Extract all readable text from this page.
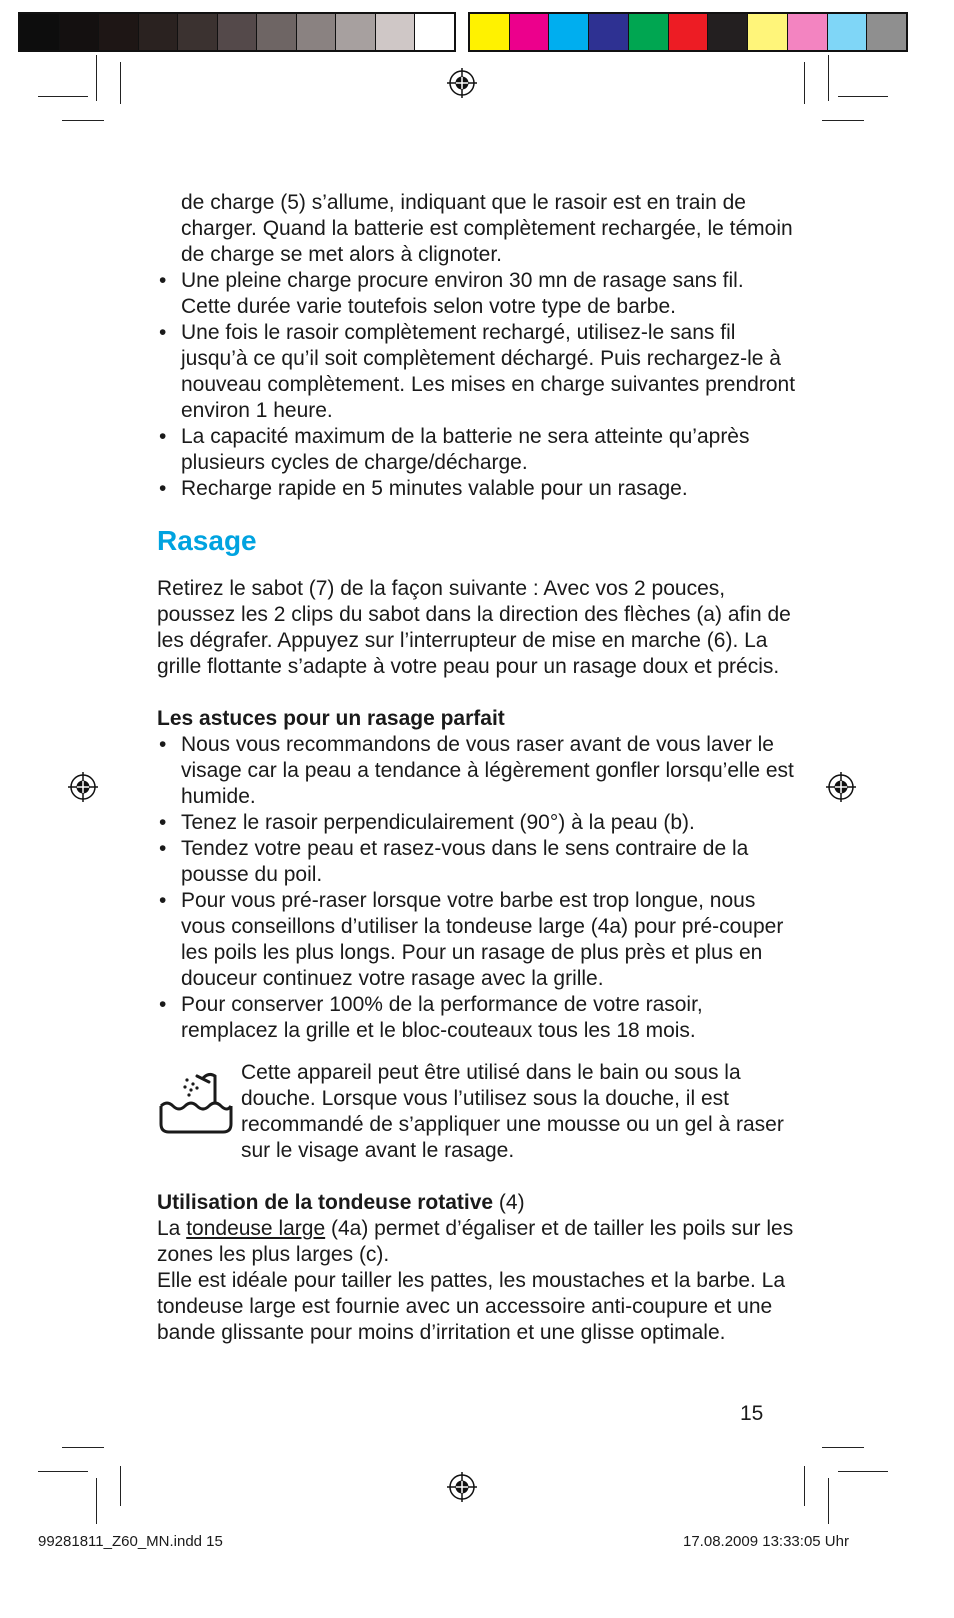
de charge (5) s’allume, indiquant que le rasoir est en train de charger. Quand la batterie est complètement rechargée, le témoin de charge se met alors à clignoter.

• Une pleine charge procure environ 30 mn de rasage sans fil. Cette durée varie toutefois selon votre type de barbe.
• Une fois le rasoir complètement rechargé, utilisez-le sans fil jusqu’à ce qu’il soit complètement déchargé. Puis rechargez-le à nouveau complètement. Les mises en charge suivantes prendront environ 1 heure.
• La capacité maximum de la batterie ne sera atteinte qu’après plusieurs cycles de charge/décharge.
• Recharge rapide en 5 minutes valable pour un rasage.
Rasage

Retirez le sabot (7) de la façon suivante : Avec vos 2 pouces, poussez les 2 clips du sabot dans la direction des flèches (a) afin de les dégrafer. Appuyez sur l’interrupteur de mise en marche (6). La grille flottante s’adapte à votre peau pour un rasage doux et précis.

Les astuces pour un rasage parfait

• Nous vous recommandons de vous raser avant de vous laver le visage car la peau a tendance à légèrement gonfler lorsqu’elle est humide.
• Tenez le rasoir perpendiculairement (90°) à la peau (b).
• Tendez votre peau et rasez-vous dans le sens contraire de la pousse du poil.
• Pour vous pré-raser lorsque votre barbe est trop longue, nous vous conseillons d’utiliser la tondeuse large (4a) pour pré-couper les poils les plus longs. Pour un rasage de plus près et plus en douceur continuez votre rasage avec la grille.
• Pour conserver 100% de la performance de votre rasoir, remplacez la grille et le bloc-couteaux tous les 18 mois.

Cette appareil peut être utilisé dans le bain ou sous la douche. Lorsque vous l’utilisez sous la douche, il est recommandé de s’appliquer une mousse ou un gel à raser sur le visage avant le rasage.

Utilisation de la tondeuse rotative (4)

La tondeuse large (4a) permet d’égaliser et de tailler les poils sur les zones les plus larges (c).

Elle est idéale pour tailler les pattes, les moustaches et la barbe. La tondeuse large est fournie avec un accessoire anti-coupure et une bande glissante pour moins d’irritation et une glisse optimale.

15
99281811_Z60_MN.indd 15	17.08.2009 13:33:05 Uhr
